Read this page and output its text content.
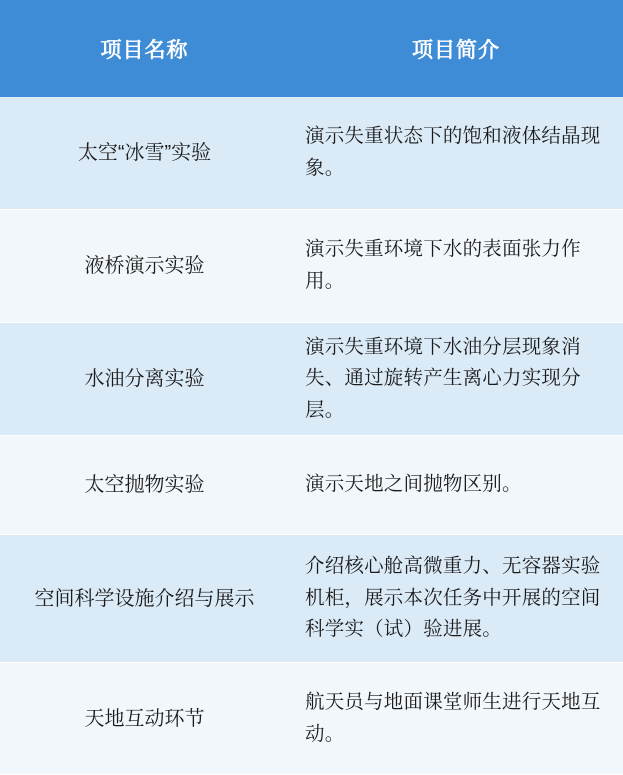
项目名称	项目简介
太空“冰雪”实验
演示失重状态下的饱和液体结晶现象。
液桥演示实验
演示失重环境下水的表面张力作用。
水油分离实验
演示失重环境下水油分层现象消失、通过旋转产生离心力实现分层。
太空抛物实验	演示天地之间抛物区别。
空间科学设施介绍与展示
介绍核心舱高微重力、无容器实验机柜，展示本次任务中开展的空间科学实（试）验进展。
天地互动环节
航天员与地面课堂师生进行天地互动。
